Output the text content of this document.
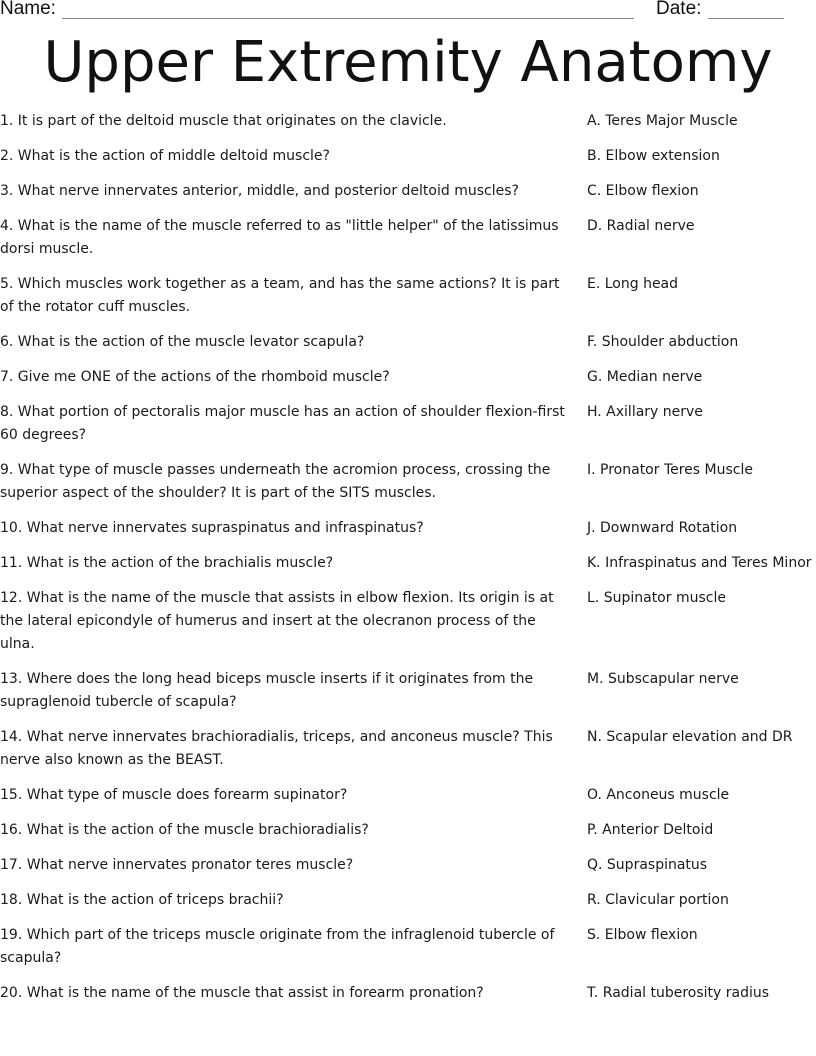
Name:	Date:
Upper Extremity Anatomy
1. It is part of the deltoid muscle that originates on the clavicle.	A. Teres Major Muscle
2. What is the action of middle deltoid muscle?	B. Elbow extension
3. What nerve innervates anterior, middle, and posterior deltoid muscles?	C. Elbow flexion
4. What is the name of the muscle referred to as "little helper" of the latissimus dorsi muscle.
D. Radial nerve
5. Which muscles work together as a team, and has the same actions? It is part of the rotator cuff muscles.
E. Long head
6. What is the action of the muscle levator scapula?	F. Shoulder abduction
7. Give me ONE of the actions of the rhomboid muscle?	G. Median nerve
8. What portion of pectoralis major muscle has an action of shoulder flexion-first 60 degrees?
H. Axillary nerve
9. What type of muscle passes underneath the acromion process, crossing the superior aspect of the shoulder? It is part of the SITS muscles.
I. Pronator Teres Muscle
10. What nerve innervates supraspinatus and infraspinatus?	J. Downward Rotation
11. What is the action of the brachialis muscle?	K. Infraspinatus and Teres Minor
12. What is the name of the muscle that assists in elbow flexion. Its origin is at the lateral epicondyle of humerus and insert at the olecranon process of the ulna.
L. Supinator muscle
13. Where does the long head biceps muscle inserts if it originates from the supraglenoid tubercle of scapula?
M. Subscapular nerve
14. What nerve innervates brachioradialis, triceps, and anconeus muscle? This nerve also known as the BEAST.
N. Scapular elevation and DR
15. What type of muscle does forearm supinator?	O. Anconeus muscle
16. What is the action of the muscle brachioradialis?	P. Anterior Deltoid
17. What nerve innervates pronator teres muscle?	Q. Supraspinatus
18. What is the action of triceps brachii?	R. Clavicular portion
19. Which part of the triceps muscle originate from the infraglenoid tubercle of scapula?
S. Elbow flexion
20. What is the name of the muscle that assist in forearm pronation?	T. Radial tuberosity radius
